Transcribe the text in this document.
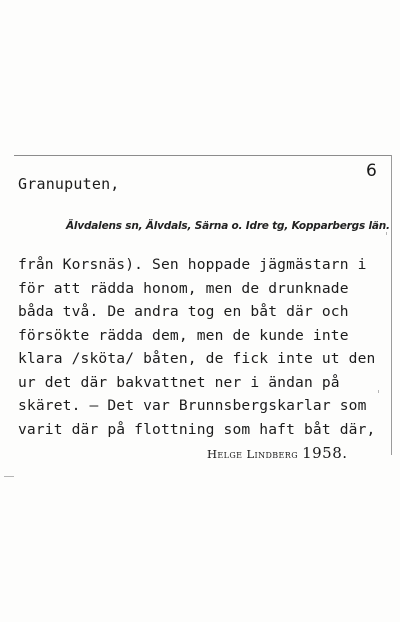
6
Granuputen,
Älvdalens sn, Älvdals, Särna o. Idre tg, Kopparbergs län.
från Korsnäs). Sen hoppade jägmästarn i
för att rädda honom, men de drunknade
båda två. De andra tog en båt där och
försökte rädda dem, men de kunde inte
klara /sköta/ båten, de fick inte ut den
ur det där bakvattnet ner i ändan på
skäret. – Det var Brunnsbergskarlar som
varit där på flottning som haft båt där,
Helge Lindberg 1958.
